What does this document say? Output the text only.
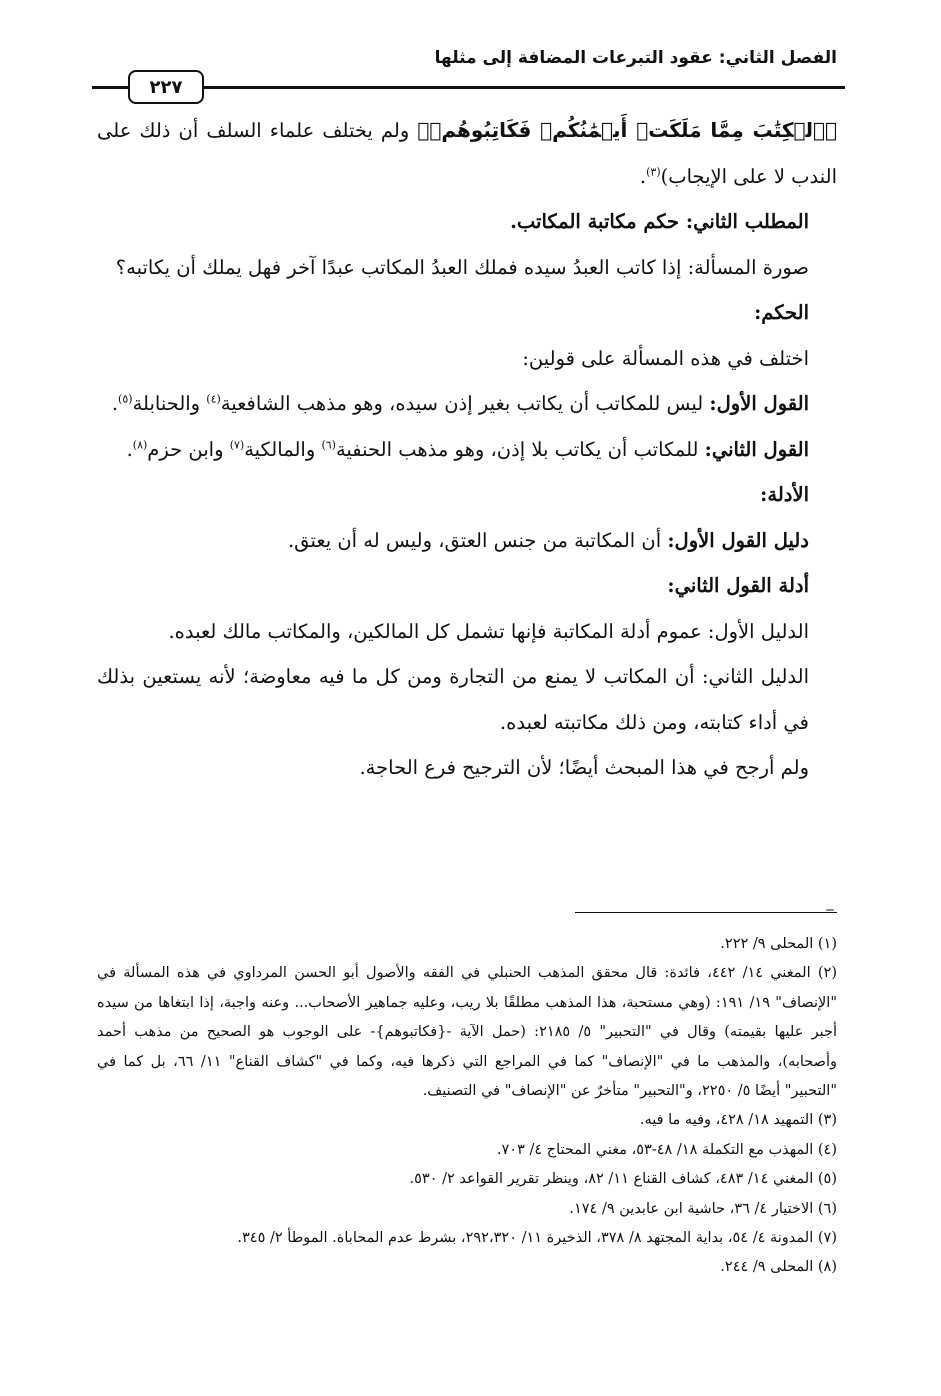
الفصل الثاني: عقود التبرعات المضافة إلى مثلها
٢٢٧

﴿ٱلۡكِتَٰبَ مِمَّا مَلَكَتۡ أَيۡمَٰنُكُمۡ فَكَاتِبُوهُمۡ﴾ ولم يختلف علماء السلف أن ذلك على الندب لا على الإيجاب)$^{(٣)}$.

المطلب الثاني: حكم مكاتبة المكاتب.

صورة المسألة: إذا كاتب العبدُ سيده فملك العبدُ المكاتب عبدًا آخر فهل يملك أن يكاتبه؟

الحكم:

اختلف في هذه المسألة على قولين:

القول الأول: ليس للمكاتب أن يكاتب بغير إذن سيده، وهو مذهب الشافعية$^{(٤)}$ والحنابلة$^{(٥)}$.

القول الثاني: للمكاتب أن يكاتب بلا إذن، وهو مذهب الحنفية$^{(٦)}$ والمالكية$^{(٧)}$ وابن حزم$^{(٨)}$.

الأدلة:

دليل القول الأول: أن المكاتبة من جنس العتق، وليس له أن يعتق.

أدلة القول الثاني:

الدليل الأول: عموم أدلة المكاتبة فإنها تشمل كل المالكين، والمكاتب مالك لعبده.

الدليل الثاني: أن المكاتب لا يمنع من التجارة ومن كل ما فيه معاوضة؛ لأنه يستعين بذلك في أداء كتابته، ومن ذلك مكاتبته لعبده.

ولم أرجح في هذا المبحث أيضًا؛ لأن الترجيح فرع الحاجة.

=

(١) المحلى ٩/ ٢٢٢.

(٢) المغني ١٤/ ٤٤٢، فائدة: قال محقق المذهب الحنبلي في الفقه والأصول أبو الحسن المرداوي في هذه المسألة في "الإنصاف" ١٩/ ١٩١: (وهي مستحبة، هذا المذهب مطلقًا بلا ريب، وعليه جماهير الأصحاب... وعنه واجبة، إذا ابتغاها من سيده أجبر عليها بقيمته) وقال في "التحبير" ٥/ ٢١٨٥: (حمل الآية -{فكاتبوهم}- على الوجوب هو الصحيح من مذهب أحمد وأصحابه)، والمذهب ما في "الإنصاف" كما في المراجع التي ذكرها فيه، وكما في "كشاف القناع" ١١/ ٦٦، بل كما في "التحبير" أيضًا ٥/ ٢٢٥٠، و"التحبير" متأخرٌ عن "الإنصاف" في التصنيف.

(٣) التمهيد ١٨/ ٤٢٨، وفيه ما فيه.

(٤) المهذب مع التكملة ١٨/ ٤٨-٥٣، مغني المحتاج ٤/ ٧٠٣.

(٥) المغني ١٤/ ٤٨٣، كشاف القناع ١١/ ٨٢، وينظر تقرير القواعد ٢/ ٥٣٠.

(٦) الاختيار ٤/ ٣٦، حاشية ابن عابدين ٩/ ١٧٤.

(٧) المدونة ٤/ ٥٤، بداية المجتهد ٨/ ٣٧٨، الذخيرة ١١/ ٢٩٢،٣٢٠، بشرط عدم المحاباة. الموطأ ٢/ ٣٤٥.

(٨) المحلى ٩/ ٢٤٤.
